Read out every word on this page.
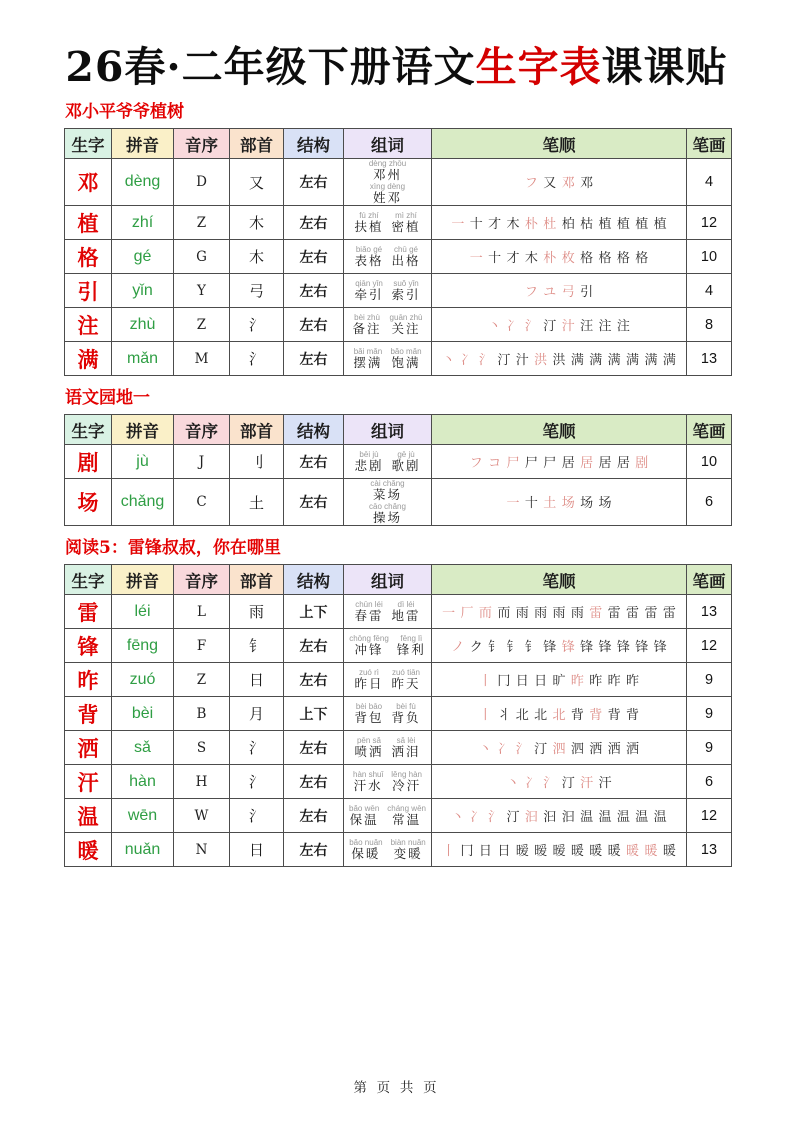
26春·二年级下册语文生字表课课贴
邓小平爷爷植树
生字	拼音	音序	部首	结构	组词	笔顺	笔画
邓	dèng	D	又	左右	dèng zhōu
邓州
xìng dèng
姓邓	フ 又 邓 邓	4
植	zhí	Z	木	左右	fú zhí
扶植
mì zhí
密植	一 十 才 木 朴 杜 柏 枯 植 植 植 植	12
格	gé	G	木	左右	biǎo gé
表格
chū gé
出格	一 十 才 木 朴 枚 格 格 格 格	10
引	yǐn	Y	弓	左右	qiān yǐn
牵引
suǒ yǐn
索引	フ ユ 弓 引	4
注	zhù	Z	氵	左右	bèi zhù
备注
guān zhù
关注	丶 冫 氵 汀 汁 汪 注 注	8
满	mǎn	M	氵	左右	bǎi mǎn
摆满
bǎo mǎn
饱满	丶 冫 氵 汀 汁 洪 洪 满 满 满 满 满 满	13
语文园地一
生字	拼音	音序	部首	结构	组词	笔顺	笔画
剧	jù	J	刂	左右	bēi jù
悲剧
gē jù
歌剧	フ コ 尸 尸 尸 居 居 居 居 剧	10
场	chǎng	C	土	左右	cài chǎng
菜场
cāo chǎng
操场	一 十 土 场 场 场	6
阅读5：雷锋叔叔，你在哪里
生字	拼音	音序	部首	结构	组词	笔顺	笔画
雷	léi	L	雨	上下	chūn léi
春雷
dì léi
地雷	一 厂 而 而 雨 雨 雨 雨 雷 雷 雷 雷 雷	13
锋	fēng	F	钅	左右	chōng fēng
冲锋
fēng lì
锋利	ノ ク 钅 钅 钅 锋 锋 锋 锋 锋 锋 锋	12
昨	zuó	Z	日	左右	zuó rì
昨日
zuó tiān
昨天	丨 冂 日 日 旷 昨 昨 昨 昨	9
背	bèi	B	月	上下	bèi bāo
背包
bèi fù
背负	丨 丬 北 北 北 背 背 背 背	9
洒	sǎ	S	氵	左右	pēn sǎ
喷洒
sǎ lèi
洒泪	丶 冫 氵 汀 泗 泗 洒 洒 洒	9
汗	hàn	H	氵	左右	hàn shuǐ
汗水
lěng hàn
冷汗	丶 冫 氵 汀 汗 汗	6
温	wēn	W	氵	左右	bǎo wēn
保温
cháng wēn
常温	丶 冫 氵 汀 汩 汩 汩 温 温 温 温 温	12
暖	nuǎn	N	日	左右	bǎo nuǎn
保暖
biàn nuǎn
变暖	丨 冂 日 日 暧 暧 暧 暖 暖 暖 暖 暖 暖	13
第 页 共 页
